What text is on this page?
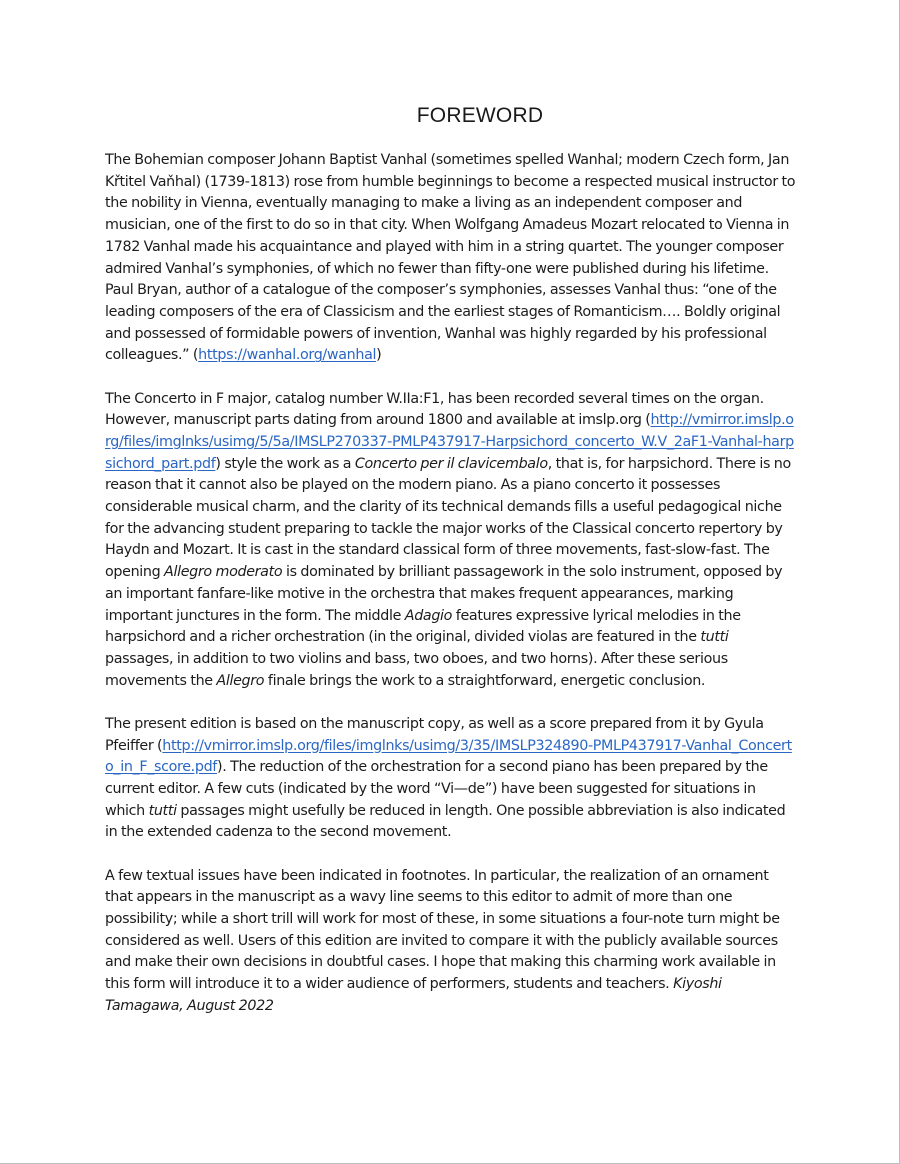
FOREWORD

The Bohemian composer Johann Baptist Vanhal (sometimes spelled Wanhal; modern Czech form, Jan Křtitel Vaňhal) (1739-1813) rose from humble beginnings to become a respected musical instructor to the nobility in Vienna, eventually managing to make a living as an independent composer and musician, one of the first to do so in that city. When Wolfgang Amadeus Mozart relocated to Vienna in 1782 Vanhal made his acquaintance and played with him in a string quartet. The younger composer admired Vanhal’s symphonies, of which no fewer than fifty-one were published during his lifetime. Paul Bryan, author of a catalogue of the composer’s symphonies, assesses Vanhal thus: “one of the leading composers of the era of Classicism and the earliest stages of Romanticism…. Boldly original and possessed of formidable powers of invention, Wanhal was highly regarded by his professional colleagues.” (https://wanhal.org/wanhal)

The Concerto in F major, catalog number W.IIa:F1, has been recorded several times on the organ. However, manuscript parts dating from around 1800 and available at imslp.org (http://vmirror.imslp.org/files/imglnks/usimg/5/5a/IMSLP270337-PMLP437917-Harpsichord_concerto_W.V_2aF1-Vanhal-harpsichord_part.pdf) style the work as a Concerto per il clavicembalo, that is, for harpsichord. There is no reason that it cannot also be played on the modern piano. As a piano concerto it possesses considerable musical charm, and the clarity of its technical demands fills a useful pedagogical niche for the advancing student preparing to tackle the major works of the Classical concerto repertory by Haydn and Mozart. It is cast in the standard classical form of three movements, fast-slow-fast. The opening Allegro moderato is dominated by brilliant passagework in the solo instrument, opposed by an important fanfare-like motive in the orchestra that makes frequent appearances, marking important junctures in the form. The middle Adagio features expressive lyrical melodies in the harpsichord and a richer orchestration (in the original, divided violas are featured in the tutti passages, in addition to two violins and bass, two oboes, and two horns). After these serious movements the Allegro finale brings the work to a straightforward, energetic conclusion.

The present edition is based on the manuscript copy, as well as a score prepared from it by Gyula Pfeiffer (http://vmirror.imslp.org/files/imglnks/usimg/3/35/IMSLP324890-PMLP437917-Vanhal_Concerto_in_F_score.pdf). The reduction of the orchestration for a second piano has been prepared by the current editor. A few cuts (indicated by the word “Vi—de”) have been suggested for situations in which tutti passages might usefully be reduced in length. One possible abbreviation is also indicated in the extended cadenza to the second movement.

A few textual issues have been indicated in footnotes. In particular, the realization of an ornament that appears in the manuscript as a wavy line seems to this editor to admit of more than one possibility; while a short trill will work for most of these, in some situations a four-note turn might be considered as well. Users of this edition are invited to compare it with the publicly available sources and make their own decisions in doubtful cases. I hope that making this charming work available in this form will introduce it to a wider audience of performers, students and teachers. Kiyoshi Tamagawa, August 2022
